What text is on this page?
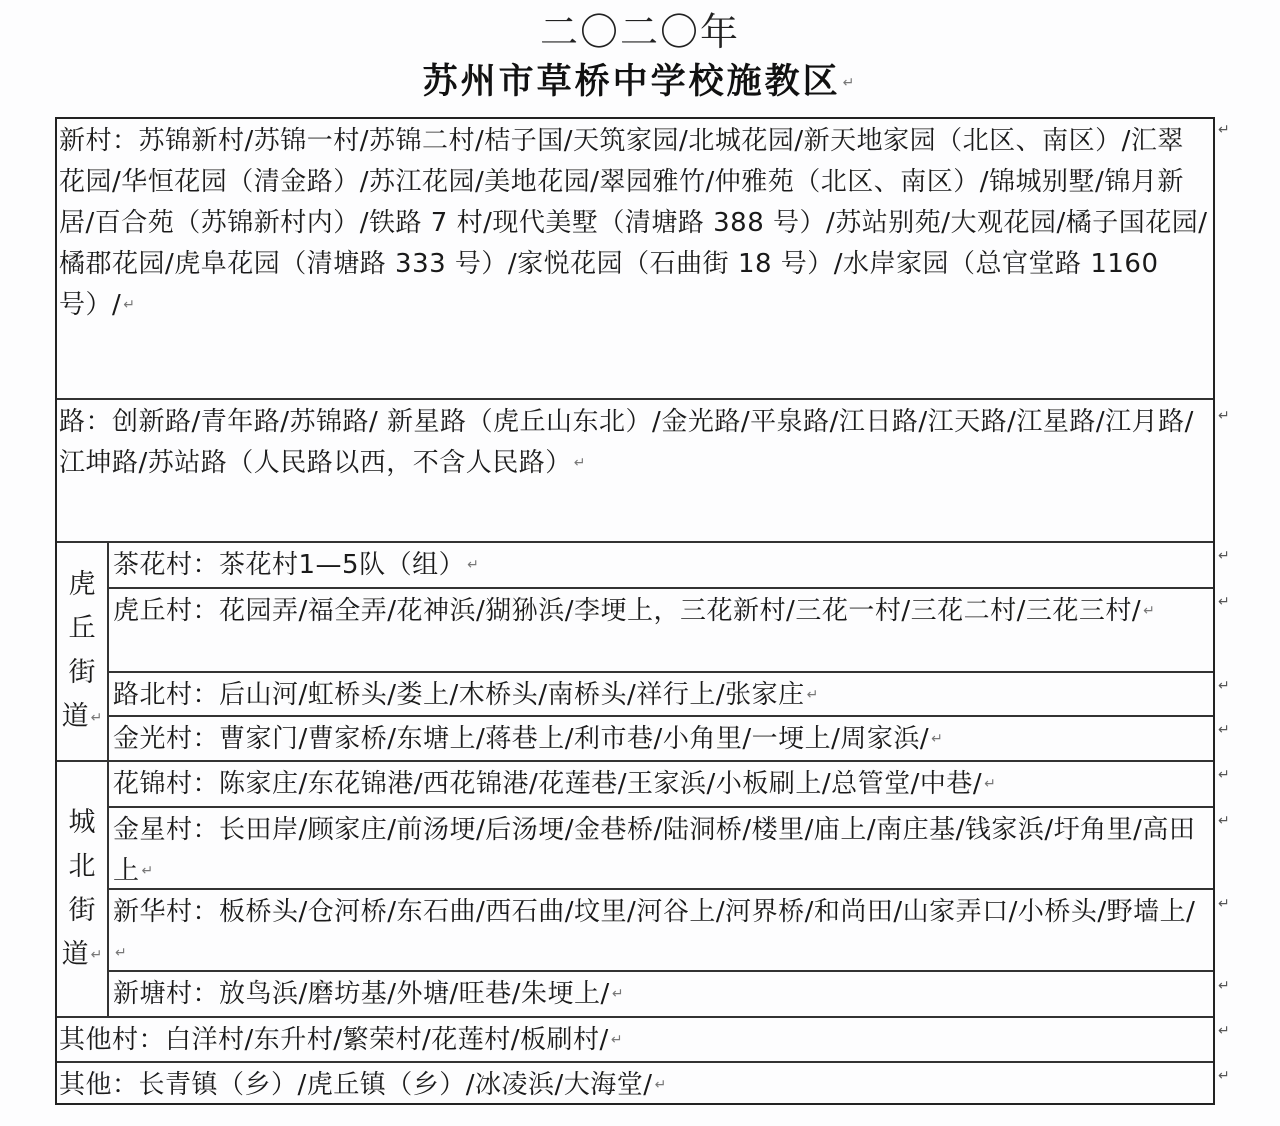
二〇二〇年
苏州市草桥中学校施教区 ↵
新村：苏锦新村/苏锦一村/苏锦二村/桔子国/天筑家园/北城花园/新天地家园（北区、南区）/汇翠花园/华恒花园（清金路）/苏江花园/美地花园/翠园雅竹/仲雅苑（北区、南区）/锦城别墅/锦月新居/百合苑（苏锦新村内）/铁路 7 村/现代美墅（清塘路 388 号）/苏站别苑/大观花园/橘子国花园/橘郡花园/虎阜花园（清塘路 333 号）/家悦花园（石曲街 18 号）/水岸家园（总官堂路 1160 号）/ ↵
路：创新路/青年路/苏锦路/ 新星路（虎丘山东北）/金光路/平泉路/江日路/江天路/江星路/江月路/江坤路/苏站路（人民路以西，不含人民路） ↵
虎
丘
街
道 ↵
茶花村：茶花村1—5队（组） ↵
虎丘村：花园弄/福全弄/花神浜/猢狲浜/李埂上，三花新村/三花一村/三花二村/三花三村/ ↵
路北村：后山河/虹桥头/娄上/木桥头/南桥头/祥行上/张家庄 ↵
金光村：曹家门/曹家桥/东塘上/蒋巷上/利市巷/小角里/一埂上/周家浜/ ↵
城
北
街
道 ↵
花锦村：陈家庄/东花锦港/西花锦港/花莲巷/王家浜/小板刷上/总管堂/中巷/ ↵
金星村：长田岸/顾家庄/前汤埂/后汤埂/金巷桥/陆洞桥/楼里/庙上/南庄基/钱家浜/圩角里/高田上 ↵
新华村：板桥头/仓河桥/东石曲/西石曲/坟里/河谷上/河界桥/和尚田/山家弄口/小桥头/野墙上/↵
新塘村：放鸟浜/磨坊基/外塘/旺巷/朱埂上/ ↵
其他村：白洋村/东升村/繁荣村/花莲村/板刷村/ ↵
其他：长青镇（乡）/虎丘镇（乡）/冰凌浜/大海堂/ ↵
↵
↵
↵
↵
↵
↵
↵
↵
↵
↵
↵
↵
